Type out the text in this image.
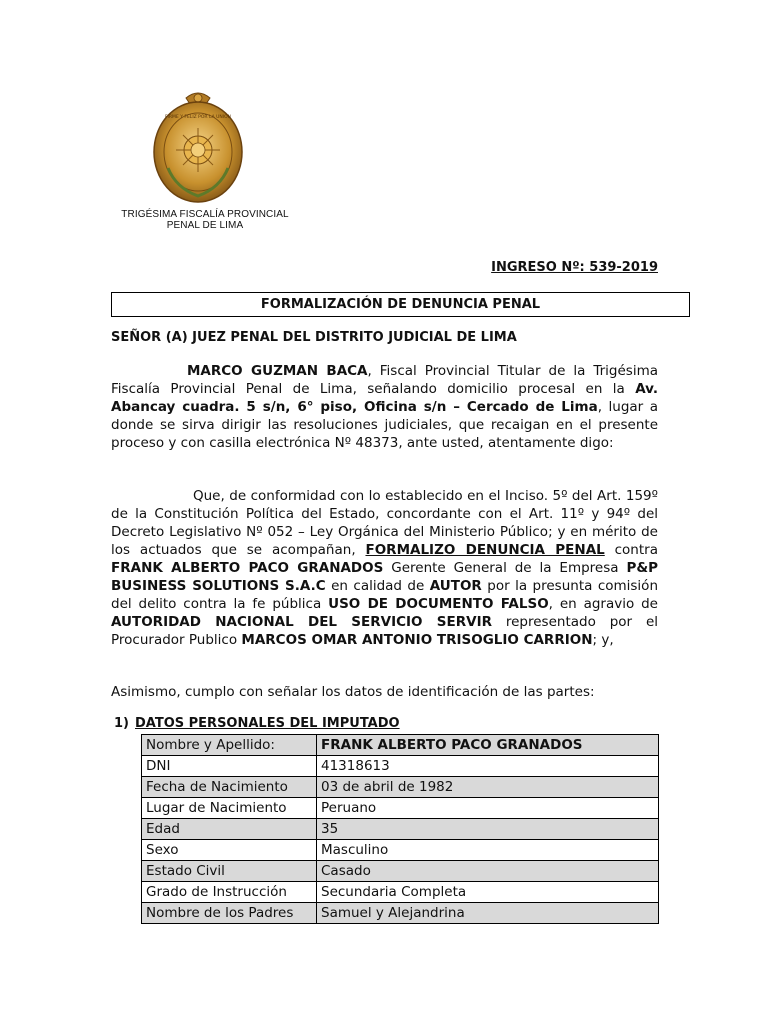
FIRME Y FELIZ POR LA UNION
TRIGÉSIMA FISCALÍA PROVINCIAL
PENAL DE LIMA
INGRESO Nº: 539-2019
FORMALIZACIÓN DE DENUNCIA PENAL
SEÑOR (A) JUEZ PENAL DEL DISTRITO JUDICIAL DE LIMA
MARCO GUZMAN BACA, Fiscal Provincial Titular de la Trigésima Fiscalía Provincial Penal de Lima, señalando domicilio procesal en la Av. Abancay cuadra. 5 s/n, 6° piso, Oficina s/n – Cercado de Lima, lugar a donde se sirva dirigir las resoluciones judiciales, que recaigan en el presente proceso y con casilla electrónica Nº 48373, ante usted, atentamente digo:
Que, de conformidad con lo establecido en el Inciso. 5º del Art. 159º de la Constitución Política del Estado, concordante con el Art. 11º y 94º del Decreto Legislativo Nº 052 – Ley Orgánica del Ministerio Público; y en mérito de los actuados que se acompañan, FORMALIZO DENUNCIA PENAL contra FRANK ALBERTO PACO GRANADOS Gerente General de la Empresa P&P BUSINESS SOLUTIONS S.A.C en calidad de AUTOR por la presunta comisión del delito contra la fe pública USO DE DOCUMENTO FALSO, en agravio de AUTORIDAD NACIONAL DEL SERVICIO SERVIR representado por el Procurador Publico MARCOS OMAR ANTONIO TRISOGLIO CARRION; y,
Asimismo, cumplo con señalar los datos de identificación de las partes:
1) DATOS PERSONALES DEL IMPUTADO
Nombre y Apellido:	FRANK ALBERTO PACO GRANADOS
DNI	41318613
Fecha de Nacimiento	03 de abril de 1982
Lugar de Nacimiento	Peruano
Edad	35
Sexo	Masculino
Estado Civil	Casado
Grado de Instrucción	Secundaria Completa
Nombre de los Padres	Samuel y Alejandrina
